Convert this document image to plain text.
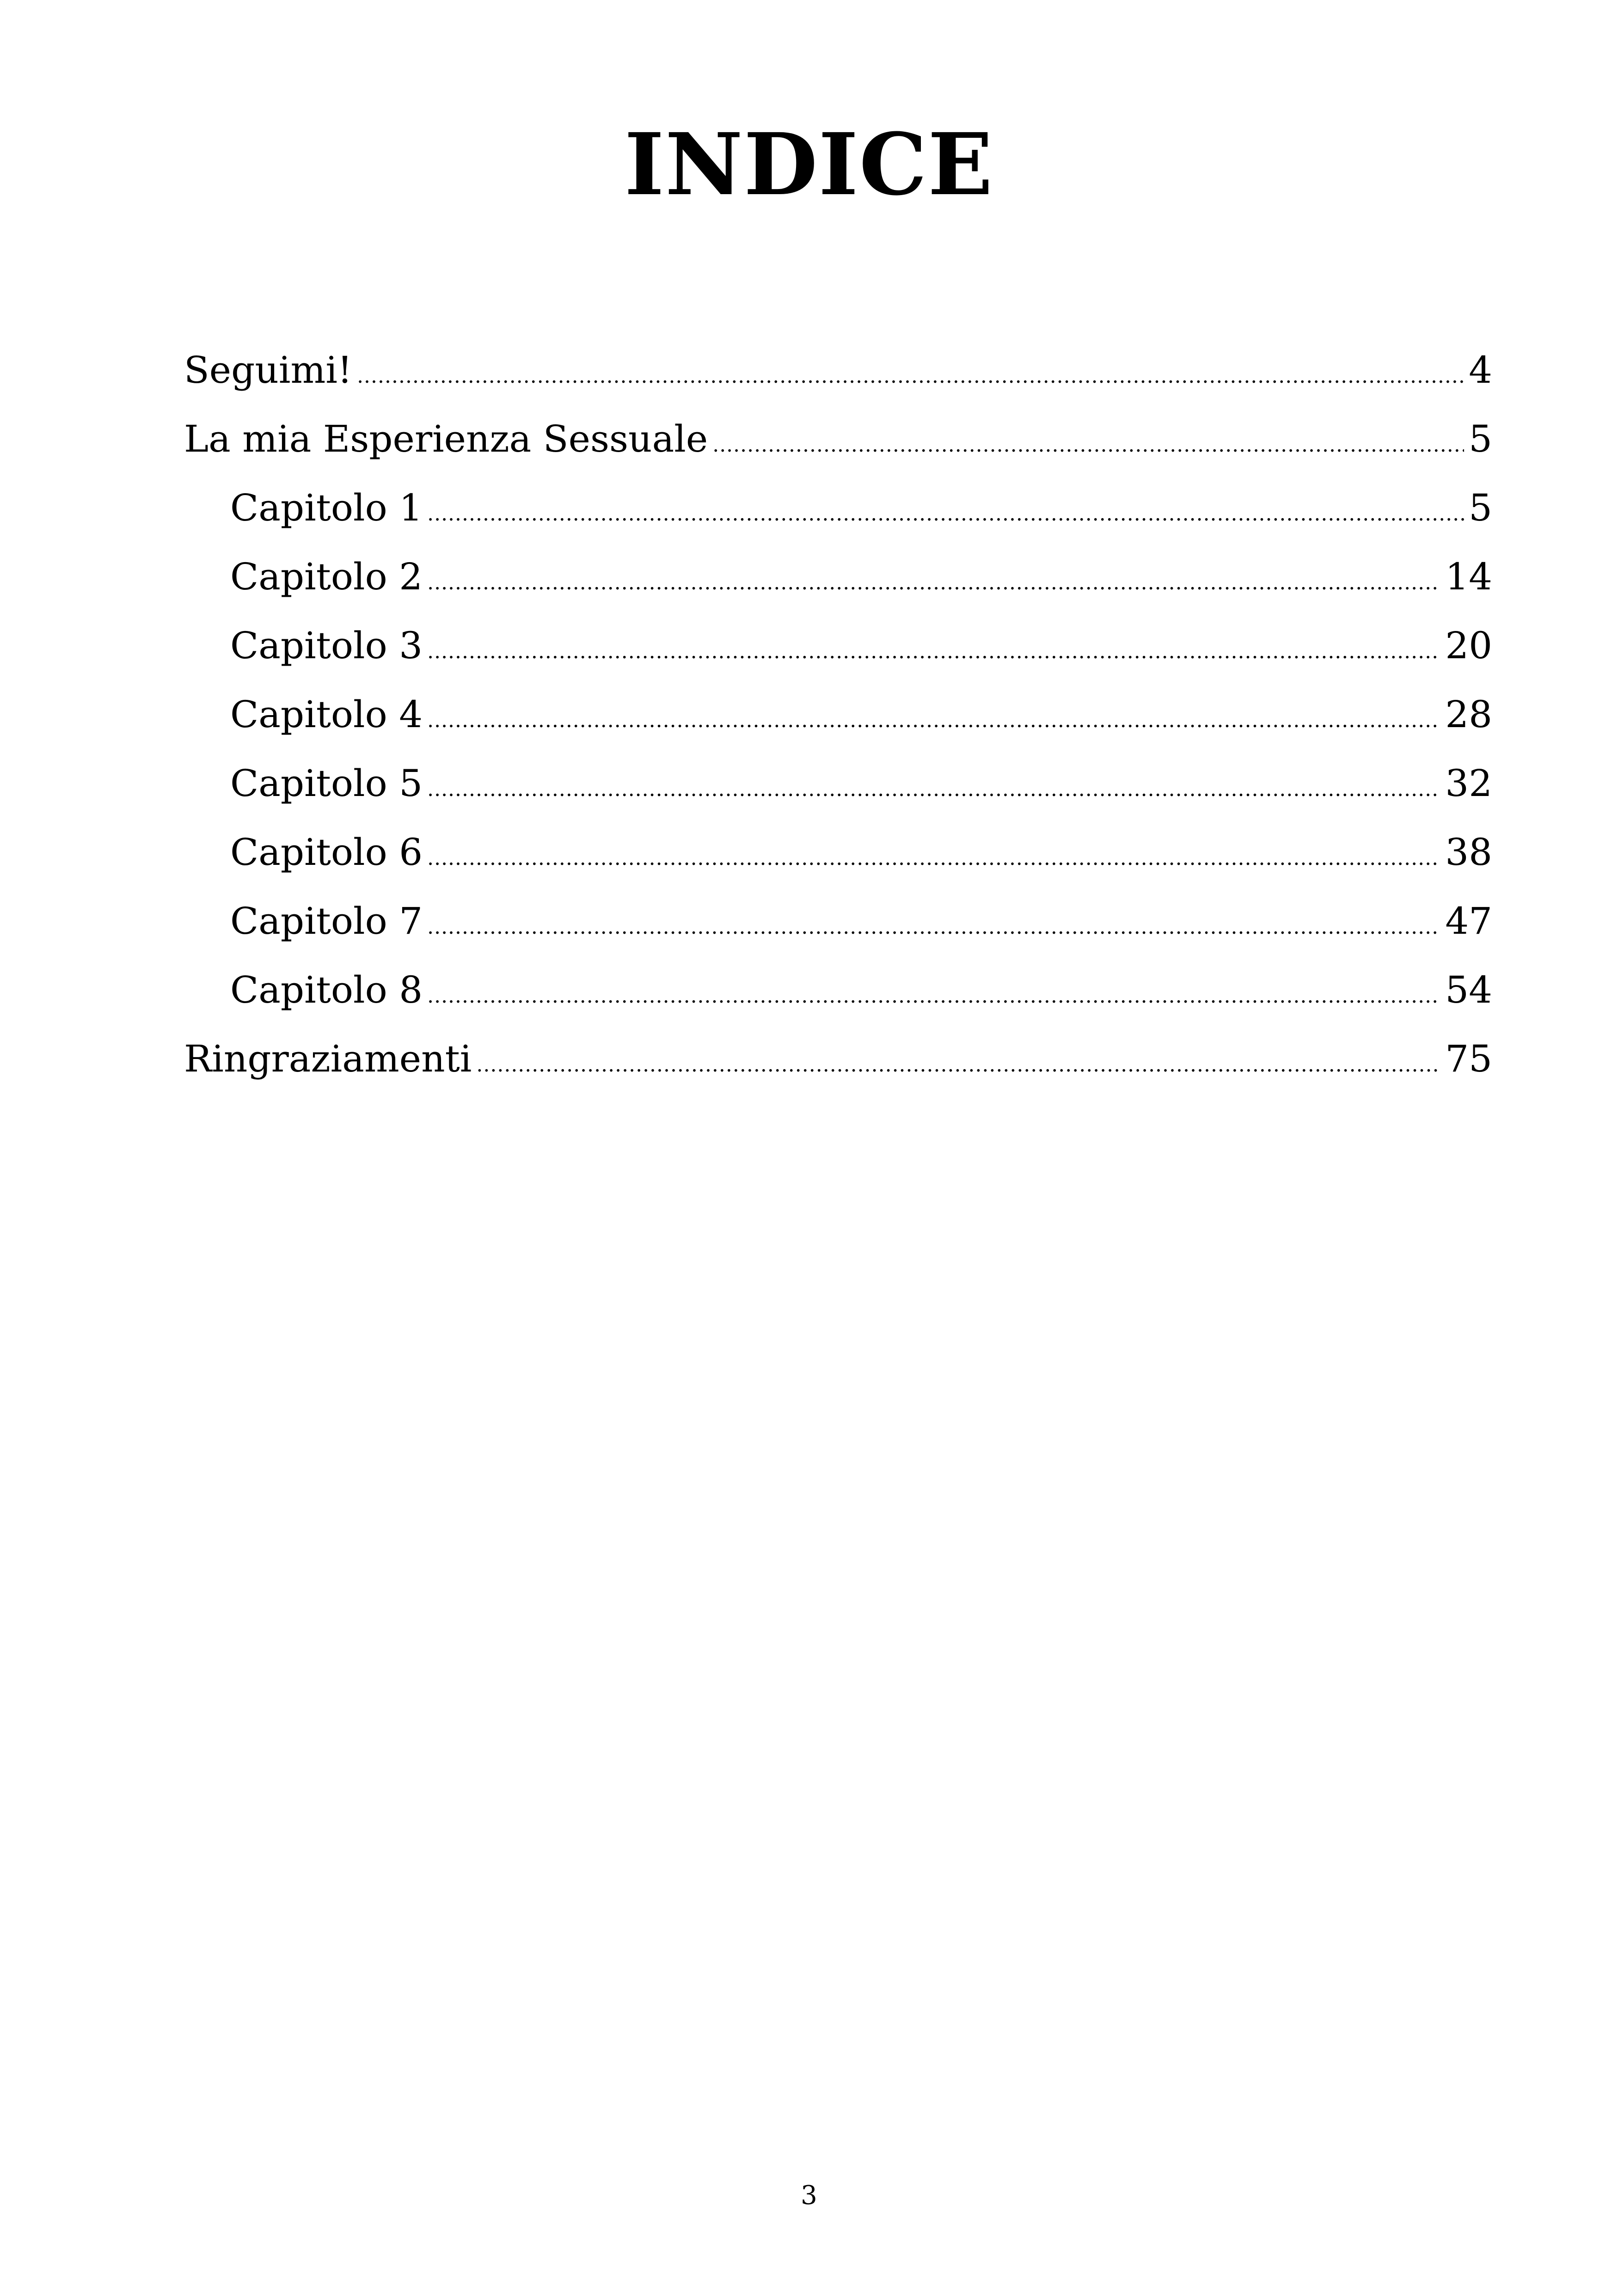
INDICE
Seguimi! .....	4
La mia Esperienza Sessuale .....	5
Capitolo 1 .....	5
Capitolo 2 .....	14
Capitolo 3 .....	20
Capitolo 4 .....	28
Capitolo 5 .....	32
Capitolo 6 .....	38
Capitolo 7 .....	47
Capitolo 8 .....	54
Ringraziamenti .....	75
3
